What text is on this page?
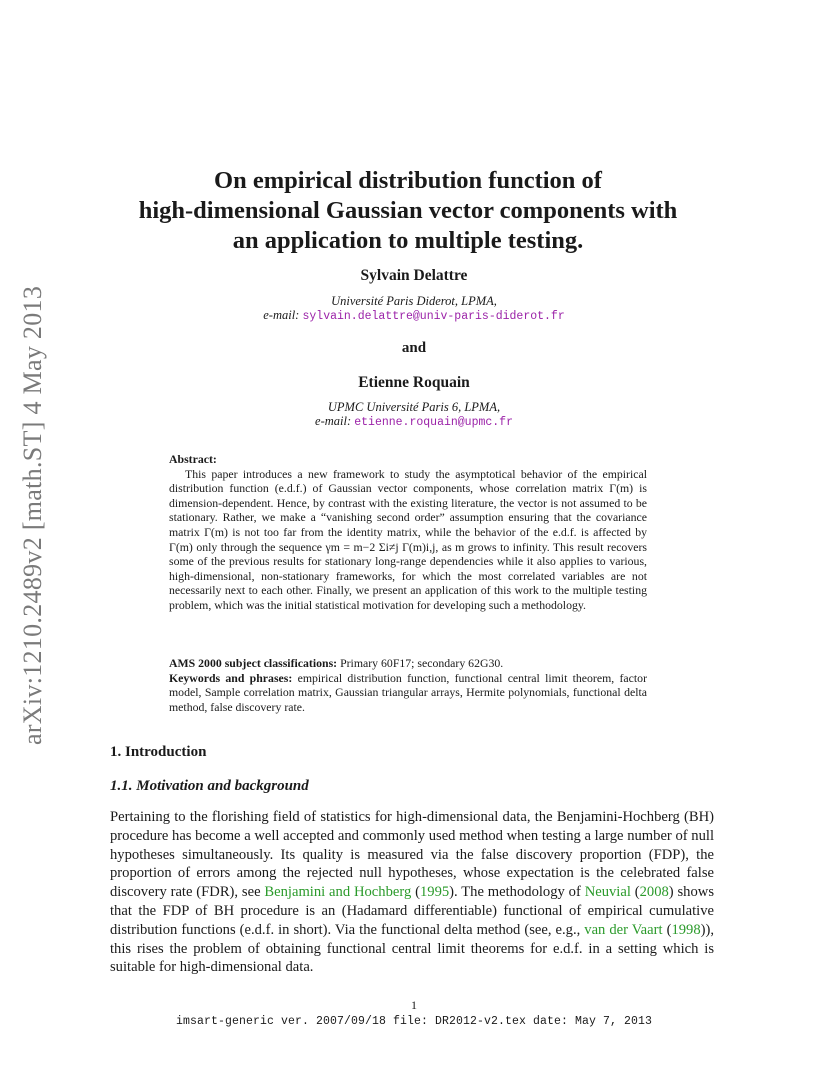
arXiv:1210.2489v2 [math.ST] 4 May 2013
On empirical distribution function of
high-dimensional Gaussian vector components with
an application to multiple testing.
Sylvain Delattre
Université Paris Diderot, LPMA,
e-mail: sylvain.delattre@univ-paris-diderot.fr
and
Etienne Roquain
UPMC Université Paris 6, LPMA,
e-mail: etienne.roquain@upmc.fr
Abstract:

This paper introduces a new framework to study the asymptotical behavior of the empirical distribution function (e.d.f.) of Gaussian vector components, whose correlation matrix Γ(m) is dimension-dependent. Hence, by contrast with the existing literature, the vector is not assumed to be stationary. Rather, we make a “vanishing second order” assumption ensuring that the covariance matrix Γ(m) is not too far from the identity matrix, while the behavior of the e.d.f. is affected by Γ(m) only through the sequence γm = m−2 Σi≠j Γ(m)i,j, as m grows to infinity. This result recovers some of the previous results for stationary long-range dependencies while it also applies to various, high-dimensional, non-stationary frameworks, for which the most correlated variables are not necessarily next to each other. Finally, we present an application of this work to the multiple testing problem, which was the initial statistical motivation for developing such a methodology.

AMS 2000 subject classifications: Primary 60F17; secondary 62G30.
Keywords and phrases: empirical distribution function, functional central limit theorem, factor model, Sample correlation matrix, Gaussian triangular arrays, Hermite polynomials, functional delta method, false discovery rate.
1. Introduction
1.1. Motivation and background

Pertaining to the florishing field of statistics for high-dimensional data, the Benjamini-Hochberg (BH) procedure has become a well accepted and commonly used method when testing a large number of null hypotheses simultaneously. Its quality is measured via the false discovery proportion (FDP), the proportion of errors among the rejected null hypotheses, whose expectation is the celebrated false discovery rate (FDR), see Benjamini and Hochberg (1995). The methodology of Neuvial (2008) shows that the FDP of BH procedure is an (Hadamard differentiable) functional of empirical cumulative distribution functions (e.d.f. in short). Via the functional delta method (see, e.g., van der Vaart (1998)), this rises the problem of obtaining functional central limit theorems for e.d.f. in a setting which is suitable for high-dimensional data.

1
imsart-generic ver. 2007/09/18 file: DR2012-v2.tex date: May 7, 2013
